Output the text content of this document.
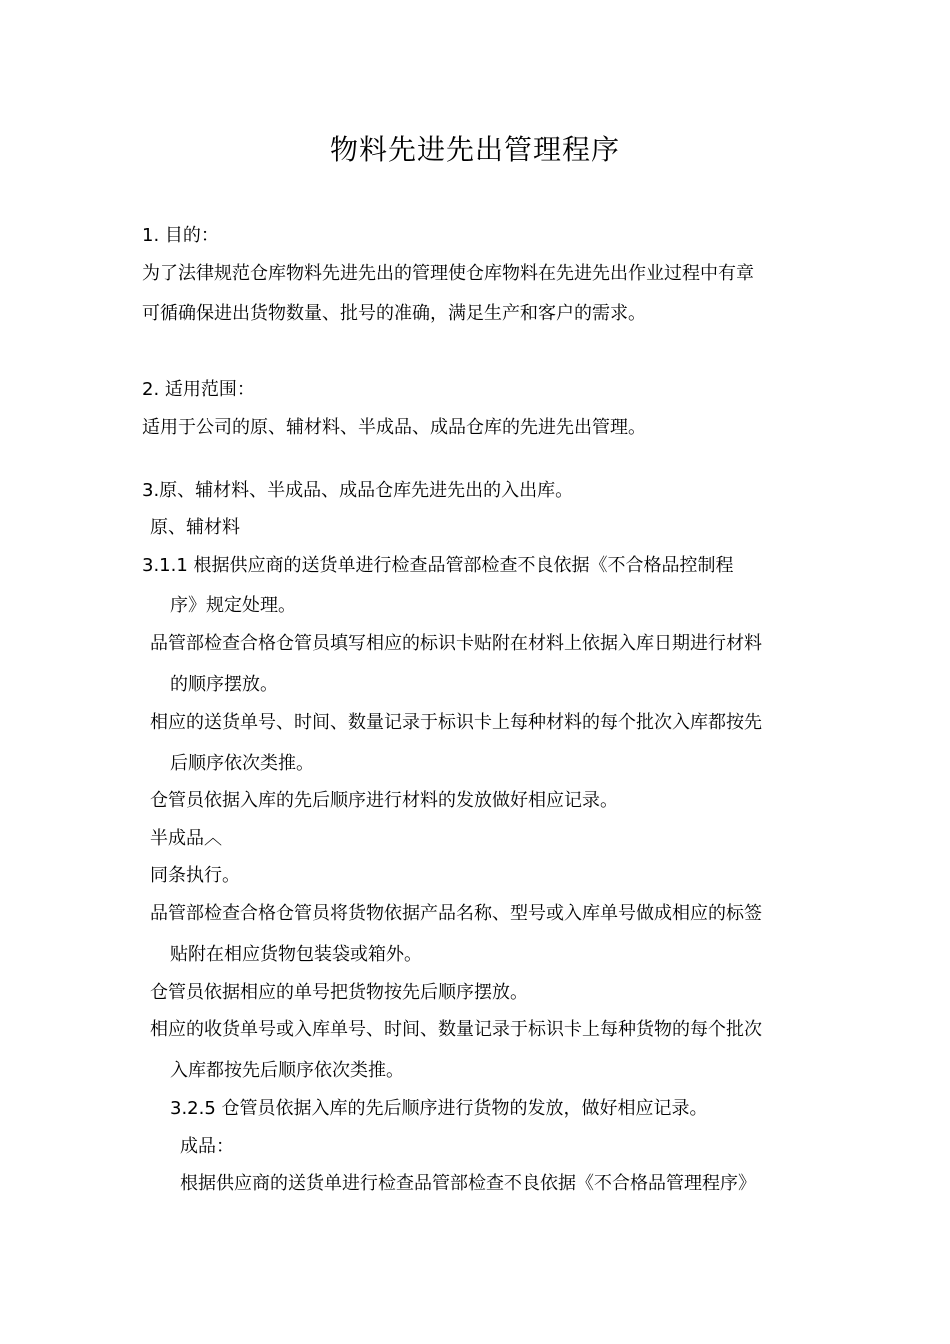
物料先进先出管理程序
1. 目的：
为了法律规范仓库物料先进先出的管理使仓库物料在先进先出作业过程中有章
可循确保进出货物数量、批号的准确，满足生产和客户的需求。
2. 适用范围：
适用于公司的原、辅材料、半成品、成品仓库的先进先出管理。
3.原、辅材料、半成品、成品仓库先进先出的入出库。
原、辅材料
3.1.1 根据供应商的送货单进行检查品管部检查不良依据《不合格品控制程
序》规定处理。
品管部检查合格仓管员填写相应的标识卡贴附在材料上依据入库日期进行材料
的顺序摆放。
相应的送货单号、时间、数量记录于标识卡上每种材料的每个批次入库都按先
后顺序依次类推。
仓管员依据入库的先后顺序进行材料的发放做好相应记录。
半成品︿
同条执行。
品管部检查合格仓管员将货物依据产品名称、型号或入库单号做成相应的标签
贴附在相应货物包装袋或箱外。
仓管员依据相应的单号把货物按先后顺序摆放。
相应的收货单号或入库单号、时间、数量记录于标识卡上每种货物的每个批次
入库都按先后顺序依次类推。
3.2.5 仓管员依据入库的先后顺序进行货物的发放，做好相应记录。
成品：
根据供应商的送货单进行检查品管部检查不良依据《不合格品管理程序》
